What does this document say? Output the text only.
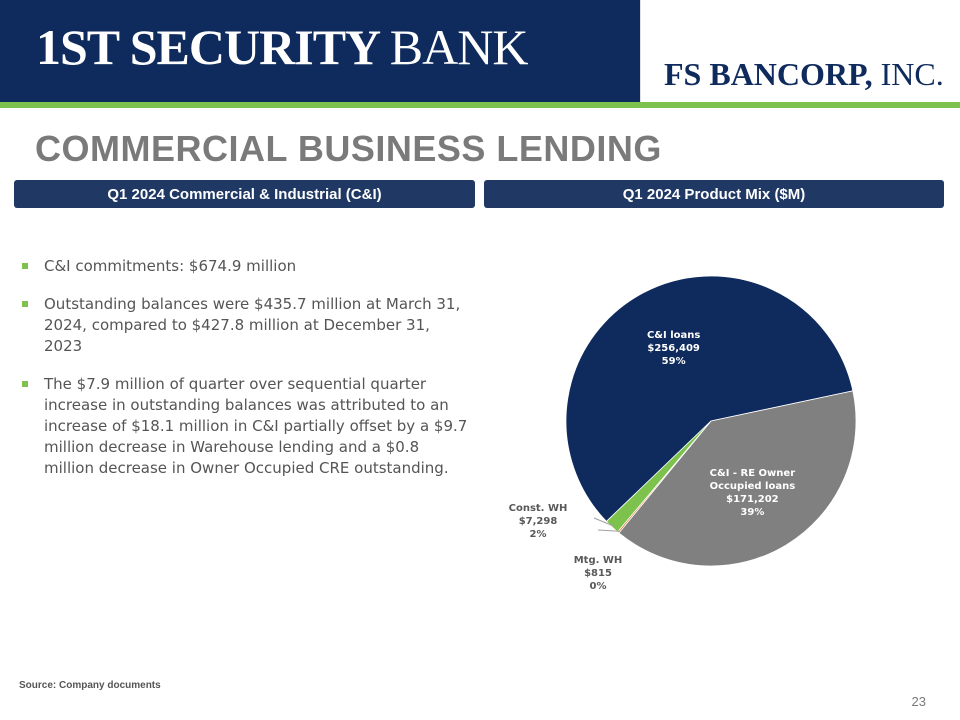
1ST SECURITY BANK	FS BANCORP, INC.
COMMERCIAL BUSINESS LENDING
Q1 2024 Commercial & Industrial (C&I)	Q1 2024 Product Mix ($M)
C&I commitments: $674.9 million
Outstanding balances were $435.7 million at March 31, 2024, compared to $427.8 million at December 31, 2023
The $7.9 million of quarter over sequential quarter increase in outstanding balances was attributed to an increase of $18.1 million in C&I partially offset by a $9.7 million decrease in Warehouse lending and a $0.8 million decrease in Owner Occupied CRE outstanding.
C&I loans
$256,409
59%
C&I - RE Owner Occupied loans
$171,202
39%
Mtg. WH
$815
0%
Const. WH
$7,298
2%
Source: Company documents
23
